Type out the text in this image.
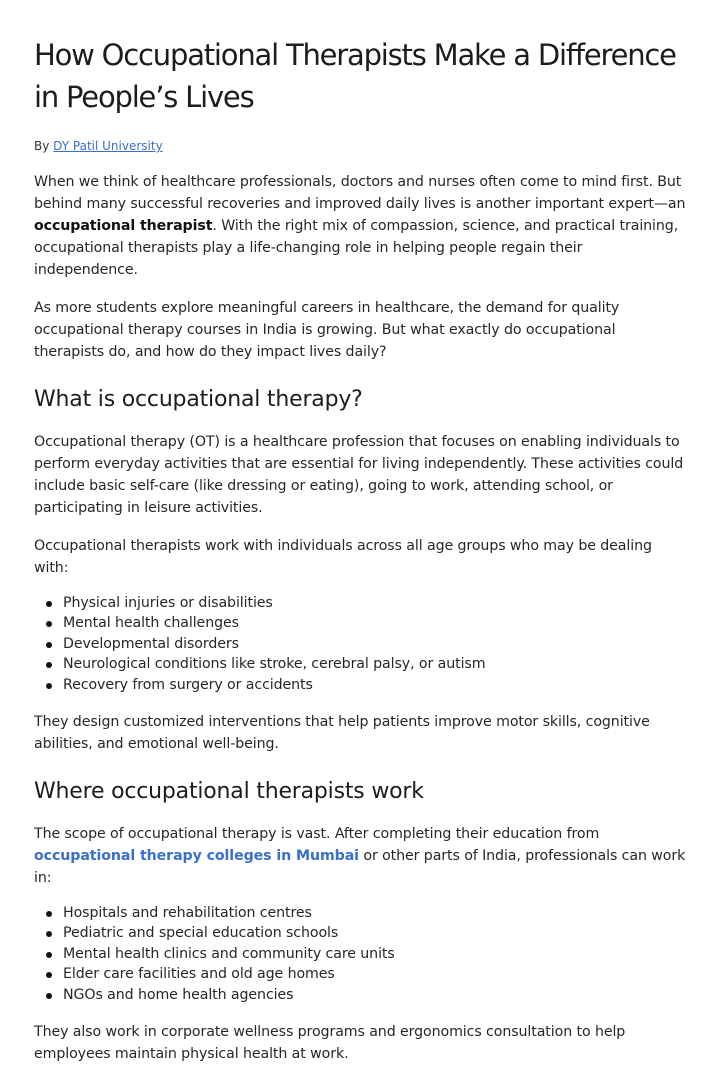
How Occupational Therapists Make a Difference in People’s Lives
By DY Patil University

When we think of healthcare professionals, doctors and nurses often come to mind first. But behind many successful recoveries and improved daily lives is another important expert—an occupational therapist. With the right mix of compassion, science, and practical training, occupational therapists play a life-changing role in helping people regain their independence.

As more students explore meaningful careers in healthcare, the demand for quality occupational therapy courses in India is growing. But what exactly do occupational therapists do, and how do they impact lives daily?

What is occupational therapy?

Occupational therapy (OT) is a healthcare profession that focuses on enabling individuals to perform everyday activities that are essential for living independently. These activities could include basic self-care (like dressing or eating), going to work, attending school, or participating in leisure activities.

Occupational therapists work with individuals across all age groups who may be dealing with:

Physical injuries or disabilities
Mental health challenges
Developmental disorders
Neurological conditions like stroke, cerebral palsy, or autism
Recovery from surgery or accidents

They design customized interventions that help patients improve motor skills, cognitive abilities, and emotional well-being.

Where occupational therapists work

The scope of occupational therapy is vast. After completing their education from occupational therapy colleges in Mumbai or other parts of India, professionals can work in:

Hospitals and rehabilitation centres
Pediatric and special education schools
Mental health clinics and community care units
Elder care facilities and old age homes
NGOs and home health agencies

They also work in corporate wellness programs and ergonomics consultation to help employees maintain physical health at work.
